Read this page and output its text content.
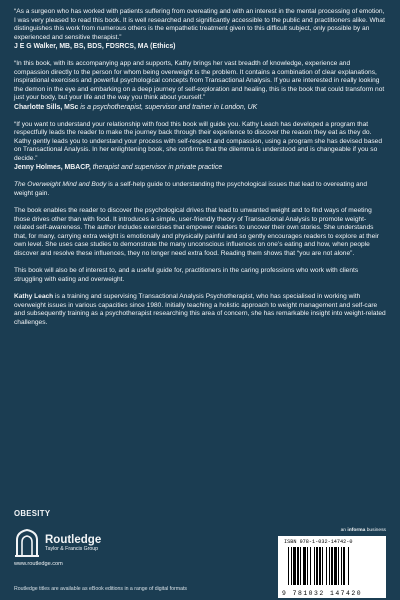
“As a surgeon who has worked with patients suffering from overeating and with an interest in the mental processing of emotion, I was very pleased to read this book. It is well researched and significantly accessible to the public and practitioners alike. What distinguishes this work from numerous others is the empathetic treatment given to this difficult subject, only possible by an experienced and sensitive therapist.”

J E G Walker, MB, BS, BDS, FDSRCS, MA (Ethics)

“In this book, with its accompanying app and supports, Kathy brings her vast breadth of knowledge, experience and compassion directly to the person for whom being overweight is the problem. It contains a combination of clear explanations, inspirational exercises and powerful psychological concepts from Transactional Analysis. If you are interested in really looking the demon in the eye and embarking on a deep journey of self-exploration and healing, this is the book that could transform not just your body, but your life and the way you think about yourself.”

Charlotte Sills, MSc is a psychotherapist, supervisor and trainer in London, UK

“If you want to understand your relationship with food this book will guide you. Kathy Leach has developed a program that respectfully leads the reader to make the journey back through their experience to discover the reason they eat as they do. Kathy gently leads you to understand your process with self-respect and compassion, using a program she has devised based on Transactional Analysis. In her enlightening book, she confirms that the dilemma is understood and is changeable if you so decide.”

Jenny Holmes, MBACP, therapist and supervisor in private practice

The Overweight Mind and Body is a self-help guide to understanding the psychological issues that lead to overeating and weight gain.

The book enables the reader to discover the psychological drives that lead to unwanted weight and to find ways of meeting those drives other than with food. It introduces a simple, user-friendly theory of Transactional Analysis to promote weight-related self-awareness. The author includes exercises that empower readers to uncover their own stories. She understands that, for many, carrying extra weight is emotionally and physically painful and so gently encourages readers to explore at their own level. She uses case studies to demonstrate the many unconscious influences on one’s eating and how, when people discover and resolve these influences, they no longer need extra food. Reading them shows that “you are not alone”.

This book will also be of interest to, and a useful guide for, practitioners in the caring professions who work with clients struggling with eating and overweight.

Kathy Leach is a training and supervising Transactional Analysis Psychotherapist, who has specialised in working with overweight issues in various capacities since 1980. Initially teaching a holistic approach to weight management and self-care and subsequently training as a psychotherapist researching this area of concern, she has remarkable insight into weight-related challenges.

OBESITY
Routledge
Taylor & Francis Group
www.routledge.com
an informa business
ISBN 978-1-032-14742-0
9 781032 147420
Routledge titles are available as eBook editions in a range of digital formats
